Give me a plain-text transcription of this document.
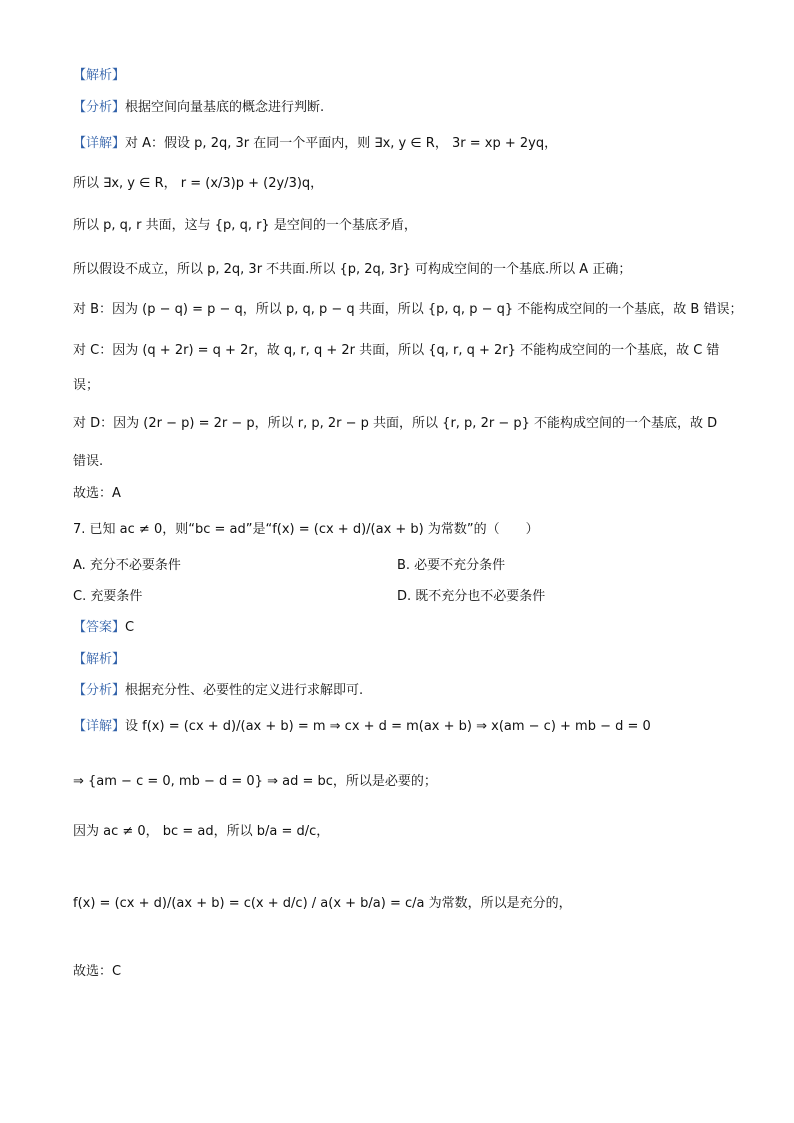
【解析】
【分析】根据空间向量基底的概念进行判断.
【详解】对 A：假设 p, 2q, 3r 在同一个平面内，则 ∃x, y ∈ R， 3r = xp + 2yq，
所以 ∃x, y ∈ R， r = (x/3)p + (2y/3)q，
所以 p, q, r 共面，这与 {p, q, r} 是空间的一个基底矛盾，
所以假设不成立，所以 p, 2q, 3r 不共面.所以 {p, 2q, 3r} 可构成空间的一个基底.所以 A 正确；
对 B：因为 (p − q) = p − q，所以 p, q, p − q 共面，所以 {p, q, p − q} 不能构成空间的一个基底，故 B 错误；
对 C：因为 (q + 2r) = q + 2r，故 q, r, q + 2r 共面，所以 {q, r, q + 2r} 不能构成空间的一个基底，故 C 错
误；
对 D：因为 (2r − p) = 2r − p，所以 r, p, 2r − p 共面，所以 {r, p, 2r − p} 不能构成空间的一个基底，故 D
错误.
故选：A
7. 已知 ac ≠ 0，则“bc = ad”是“f(x) = (cx + d)/(ax + b) 为常数”的（　　）
A. 充分不必要条件	B. 必要不充分条件
C. 充要条件	D. 既不充分也不必要条件
【答案】C
【解析】
【分析】根据充分性、必要性的定义进行求解即可.
【详解】设 f(x) = (cx + d)/(ax + b) = m ⇒ cx + d = m(ax + b) ⇒ x(am − c) + mb − d = 0
⇒ {am − c = 0, mb − d = 0} ⇒ ad = bc，所以是必要的；
因为 ac ≠ 0， bc = ad，所以 b/a = d/c，
f(x) = (cx + d)/(ax + b) = c(x + d/c) / a(x + b/a) = c/a 为常数，所以是充分的，
故选：C
